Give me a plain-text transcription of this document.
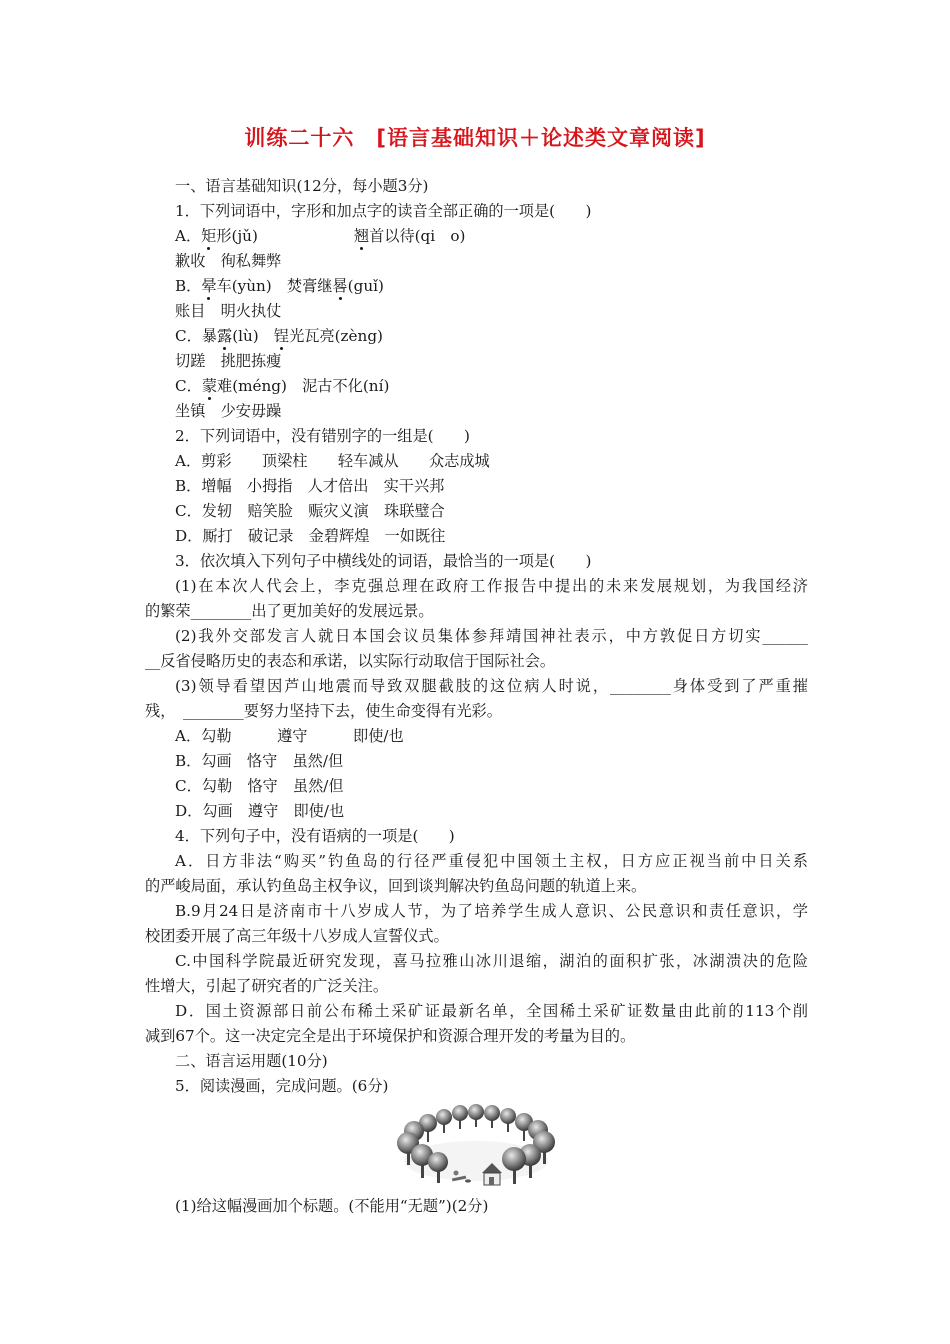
训练二十六　[语言基础知识＋论述类文章阅读]
一、语言基础知识(12分，每小题3分)
1．下列词语中，字形和加点字的读音全部正确的一项是(　　)
A．矩形(jǔ)	翘首以待(qi　o)
歉收　徇私舞弊
B．晕车(yùn)　焚膏继晷(guǐ)
账目　明火执仗
C．暴露(lù)　锃光瓦亮(zèng)
切蹉　挑肥拣瘦
C．蒙难(méng)　泥古不化(ní)
坐镇　少安毋躁
2．下列词语中，没有错别字的一组是(　　)
A．剪彩　　顶梁柱　　轻车减从　　众志成城
B．增幅　小拇指　人才倍出　实干兴邦
C．发轫　赔笑脸　赈灾义演　珠联璧合
D．厮打　破记录　金碧辉煌　一如既往
3．依次填入下列句子中横线处的词语，最恰当的一项是(　　)
(1)在本次人代会上，李克强总理在政府工作报告中提出的未来发展规划，为我国经济
的繁荣________出了更加美好的发展远景。
(2)我外交部发言人就日本国会议员集体参拜靖国神社表示，中方敦促日方切实______
__反省侵略历史的表态和承诺，以实际行动取信于国际社会。
(3)领导看望因芦山地震而导致双腿截肢的这位病人时说，________身体受到了严重摧
残，　________要努力坚持下去，使生命变得有光彩。
A．勾勒　　　遵守　　　即使/也
B．勾画　恪守　虽然/但
C．勾勒　恪守　虽然/但
D．勾画　遵守　即使/也
4．下列句子中，没有语病的一项是(　　)
A．日方非法“购买”钓鱼岛的行径严重侵犯中国领土主权，日方应正视当前中日关系
的严峻局面，承认钓鱼岛主权争议，回到谈判解决钓鱼岛问题的轨道上来。
B.9月24日是济南市十八岁成人节，为了培养学生成人意识、公民意识和责任意识，学
校团委开展了高三年级十八岁成人宣誓仪式。
C.中国科学院最近研究发现，喜马拉雅山冰川退缩，湖泊的面积扩张，冰湖溃决的危险
性增大，引起了研究者的广泛关注。
D．国土资源部日前公布稀土采矿证最新名单，全国稀土采矿证数量由此前的113个削
减到67个。这一决定完全是出于环境保护和资源合理开发的考量为目的。
二、语言运用题(10分)
5．阅读漫画，完成问题。(6分)
(1)给这幅漫画加个标题。(不能用“无题”)(2分)
